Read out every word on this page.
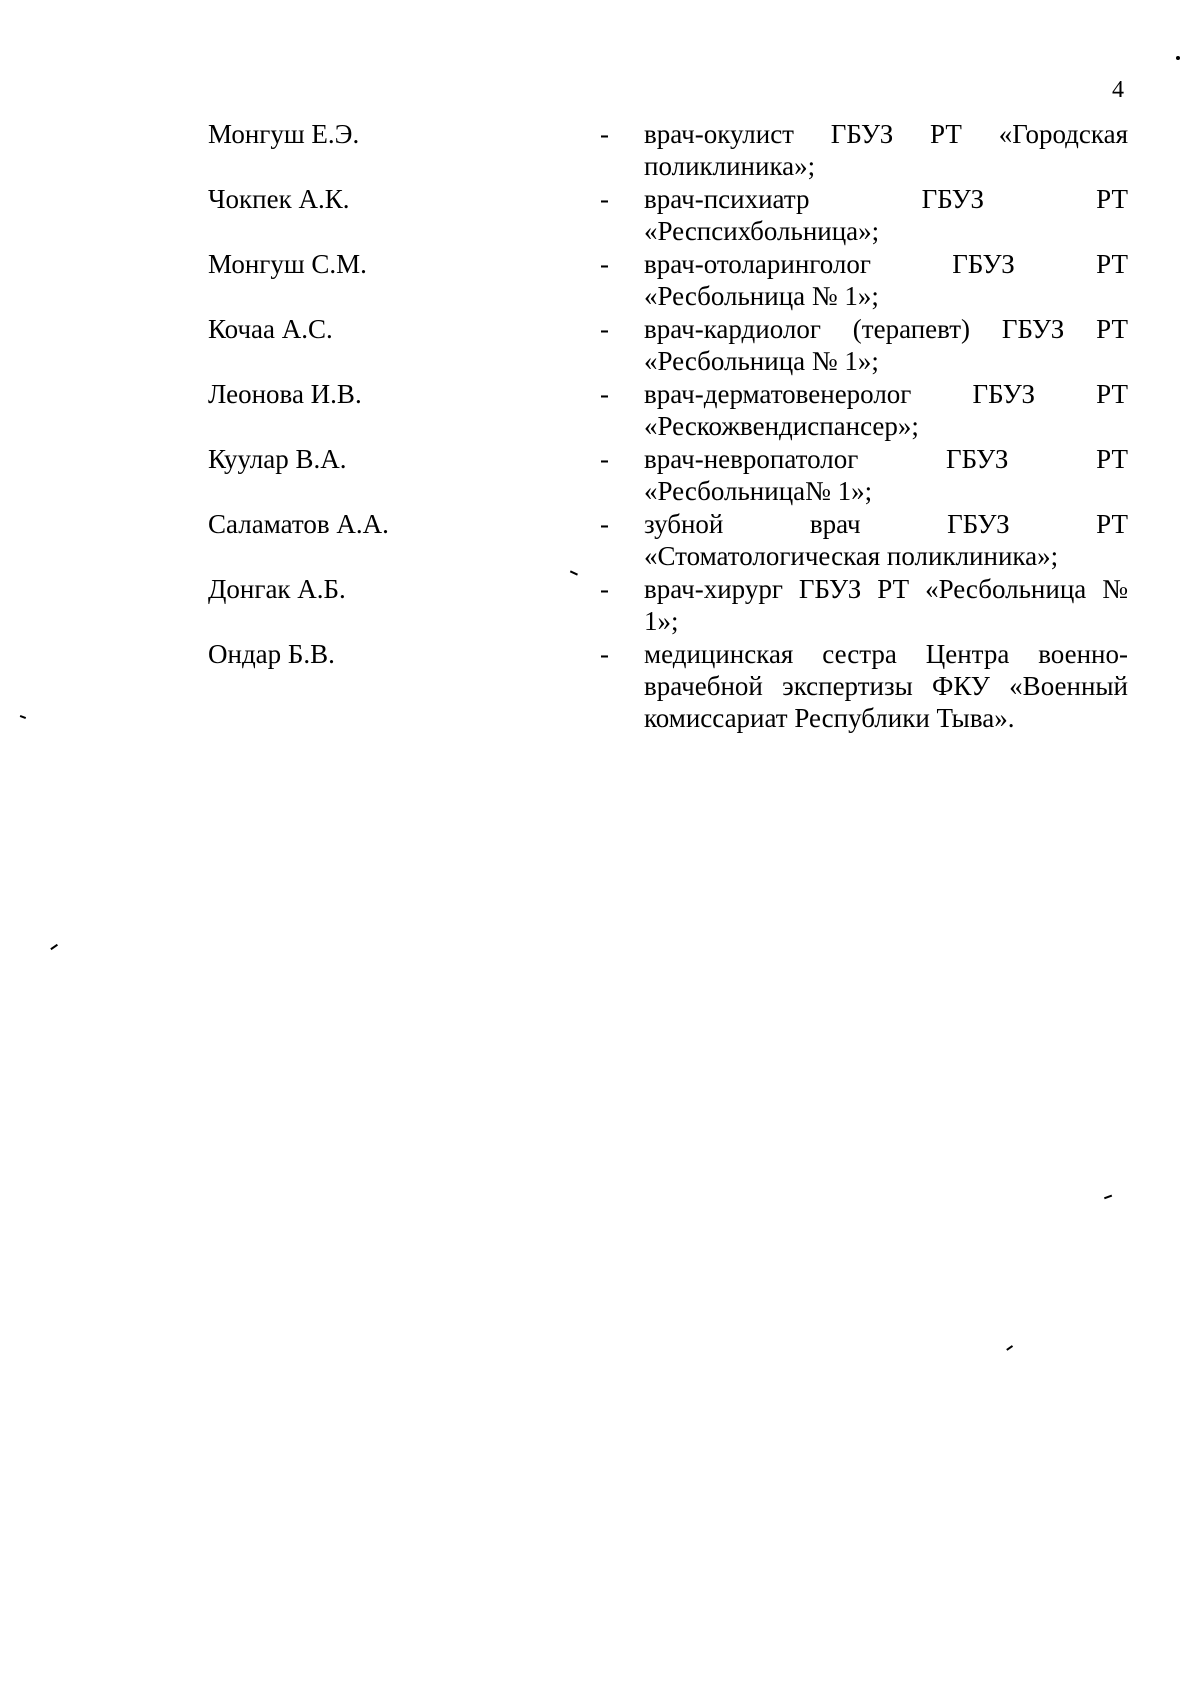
4
Монгуш Е.Э.	- врач-окулист ГБУЗ РТ «Городская поликлиника»;
Чокпек А.К.	- врач-психиатр ГБУЗ РТ «Респсихбольница»;
Монгуш С.М.	- врач-отоларинголог ГБУЗ РТ «Ресбольница № 1»;
Кочаа А.С.	- врач-кардиолог (терапевт) ГБУЗ РТ «Ресбольница № 1»;
Леонова И.В.	- врач-дерматовенеролог ГБУЗ РТ «Рескожвендиспансер»;
Куулар В.А.	- врач-невропатолог ГБУЗ РТ «Ресбольница№ 1»;
Саламатов А.А.	- зубной врач ГБУЗ РТ «Стоматологическая поликлиника»;
Донгак А.Б.	- врач-хирург ГБУЗ РТ «Ресбольница № 1»;
Ондар Б.В.	- медицинская сестра Центра военно-врачебной экспертизы ФКУ «Военный комиссариат Республики Тыва».
